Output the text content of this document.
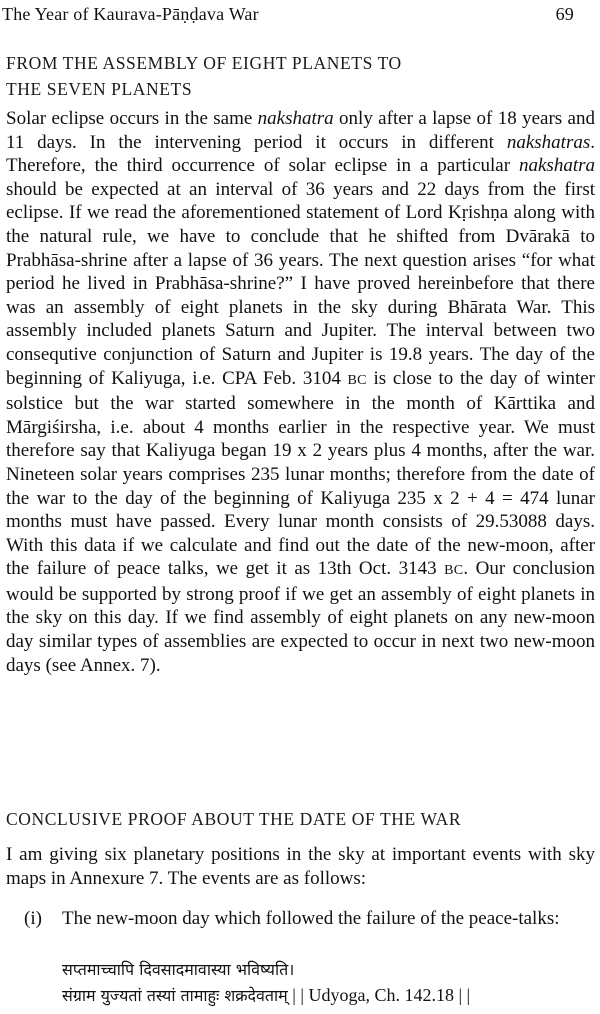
The Year of Kaurava-Pāṇḍava War	69
FROM THE ASSEMBLY OF EIGHT PLANETS TO
THE SEVEN PLANETS
Solar eclipse occurs in the same nakshatra only after a lapse of 18 years and 11 days. In the intervening period it occurs in different nakshatras. Therefore, the third occurrence of solar eclipse in a particular nakshatra should be expected at an interval of 36 years and 22 days from the first eclipse. If we read the aforementioned statement of Lord Kṛishṇa along with the natural rule, we have to conclude that he shifted from Dvārakā to Prabhāsa-shrine after a lapse of 36 years. The next question arises “for what period he lived in Prabhāsa-shrine?” I have proved hereinbefore that there was an assembly of eight planets in the sky during Bhārata War. This assembly included planets Saturn and Jupiter. The interval between two consequtive conjunction of Saturn and Jupiter is 19.8 years. The day of the beginning of Kaliyuga, i.e. CPA Feb. 3104 BC is close to the day of winter solstice but the war started somewhere in the month of Kārttika and Mārgiśirsha, i.e. about 4 months earlier in the respective year. We must therefore say that Kaliyuga began 19 x 2 years plus 4 months, after the war. Nineteen solar years comprises 235 lunar months; therefore from the date of the war to the day of the beginning of Kaliyuga 235 x 2 + 4 = 474 lunar months must have passed. Every lunar month consists of 29.53088 days. With this data if we calculate and find out the date of the new-moon, after the failure of peace talks, we get it as 13th Oct. 3143 BC. Our conclusion would be supported by strong proof if we get an assembly of eight planets in the sky on this day. If we find assembly of eight planets on any new-moon day similar types of assemblies are expected to occur in next two new-moon days (see Annex. 7).
CONCLUSIVE PROOF ABOUT THE DATE OF THE WAR
I am giving six planetary positions in the sky at important events with sky maps in Annexure 7. The events are as follows:
(i) The new-moon day which followed the failure of the peace-talks:
सप्तमाच्चापि दिवसादमावास्या भविष्यति।
संग्राम युज्यतां तस्यां तामाहुः शक्रदेवताम् | | Udyoga, Ch. 142.18 | |
